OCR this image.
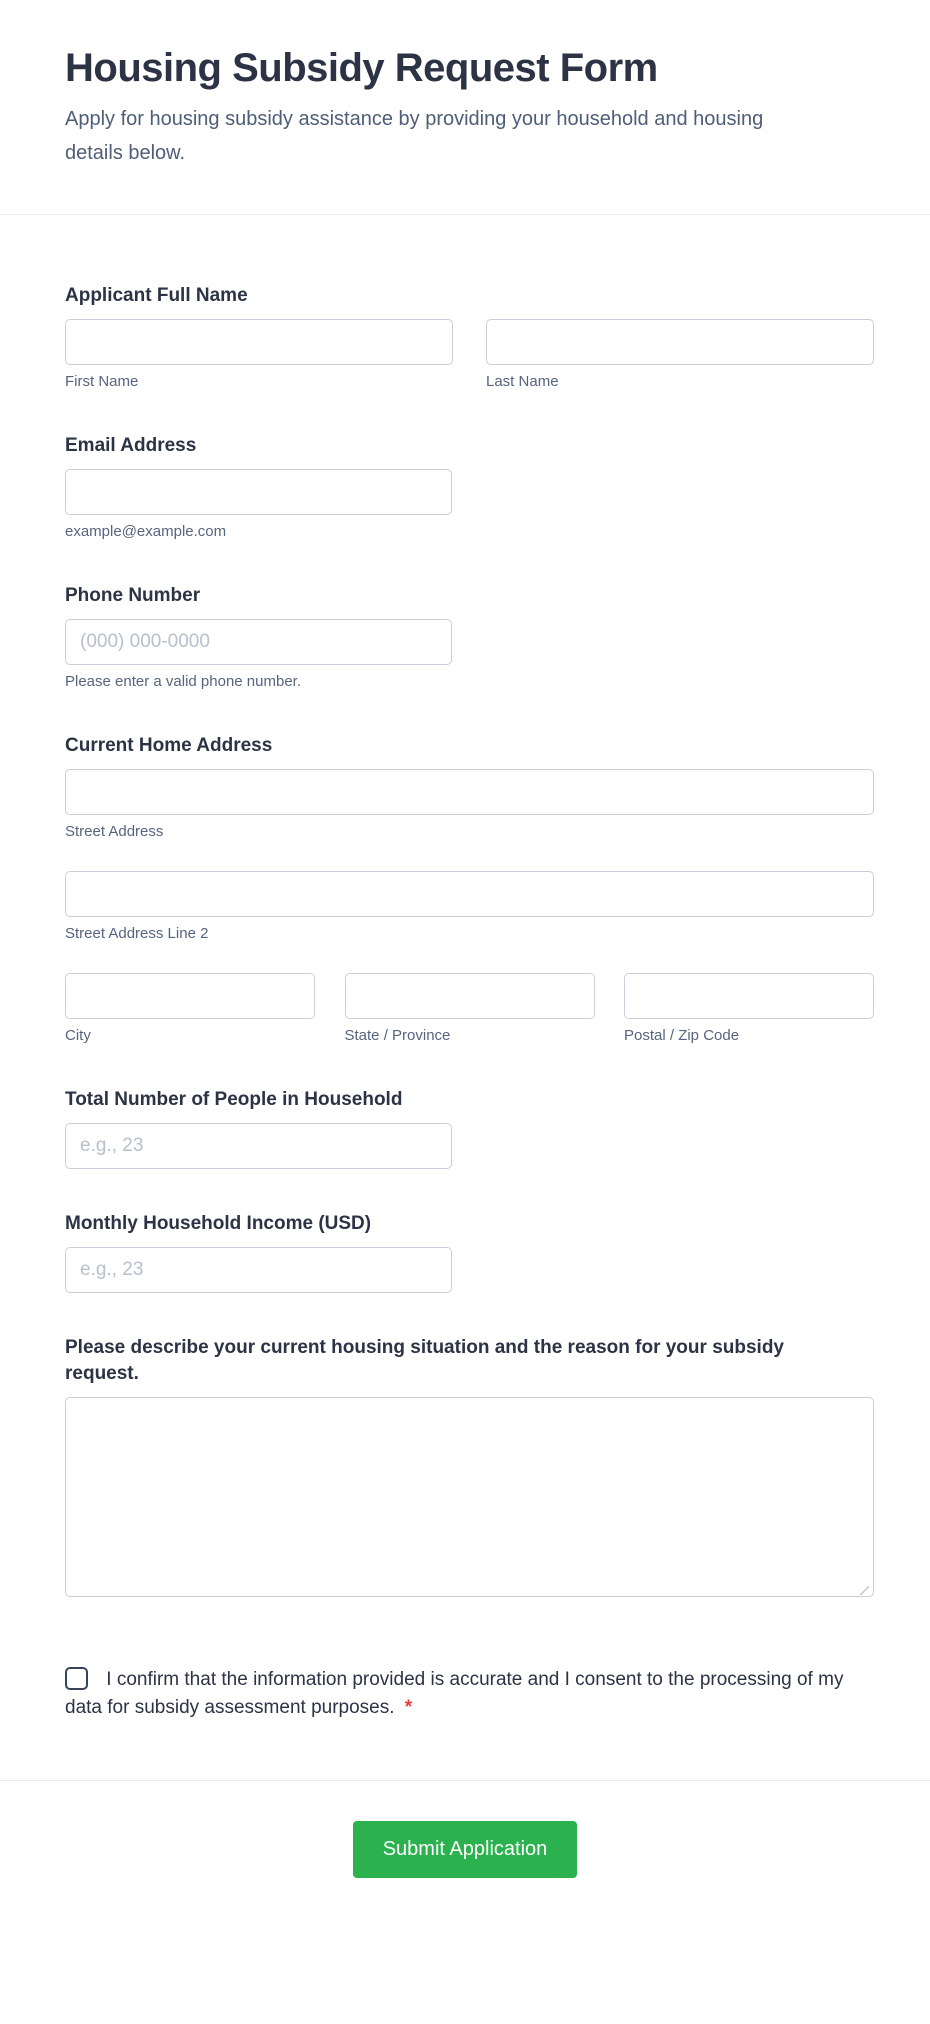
Housing Subsidy Request Form

Apply for housing subsidy assistance by providing your household and housing details below.

Applicant Full Name
First Name	Last Name
Email Address
example@example.com
Phone Number
(000) 000-0000
Please enter a valid phone number.
Current Home Address
Street Address
Street Address Line 2
City	State / Province	Postal / Zip Code
Total Number of People in Household
e.g., 23
Monthly Household Income (USD)
e.g., 23
Please describe your current housing situation and the reason for your subsidy request.
I confirm that the information provided is accurate and I consent to the processing of my data for subsidy assessment purposes. *
Submit Application
